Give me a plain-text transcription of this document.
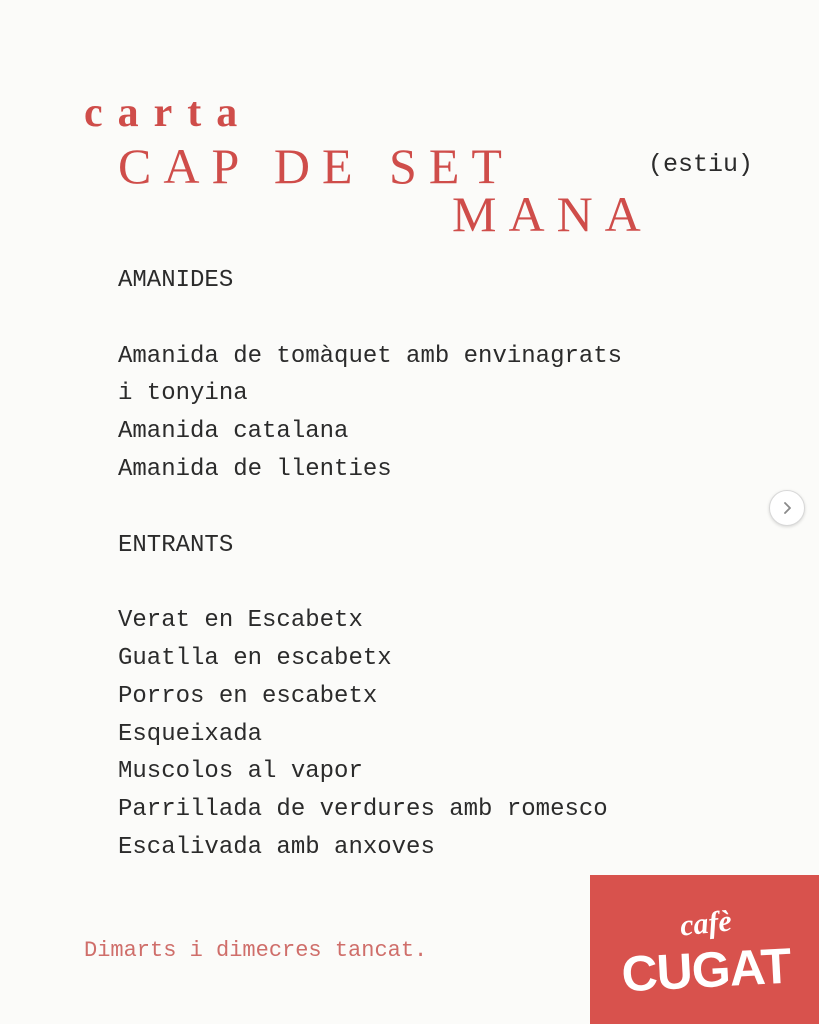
carta
CAP DE SET
MANA
(estiu)

AMANIDES

Amanida de tomàquet amb envinagrats
i tonyina
Amanida catalana
Amanida de llenties

ENTRANTS

Verat en Escabetx
Guatlla en escabetx
Porros en escabetx
Esqueixada
Muscolos al vapor
Parrillada de verdures amb romesco
Escalivada amb anxoves
Dimarts i dimecres tancat.
cafè
CUGAT
